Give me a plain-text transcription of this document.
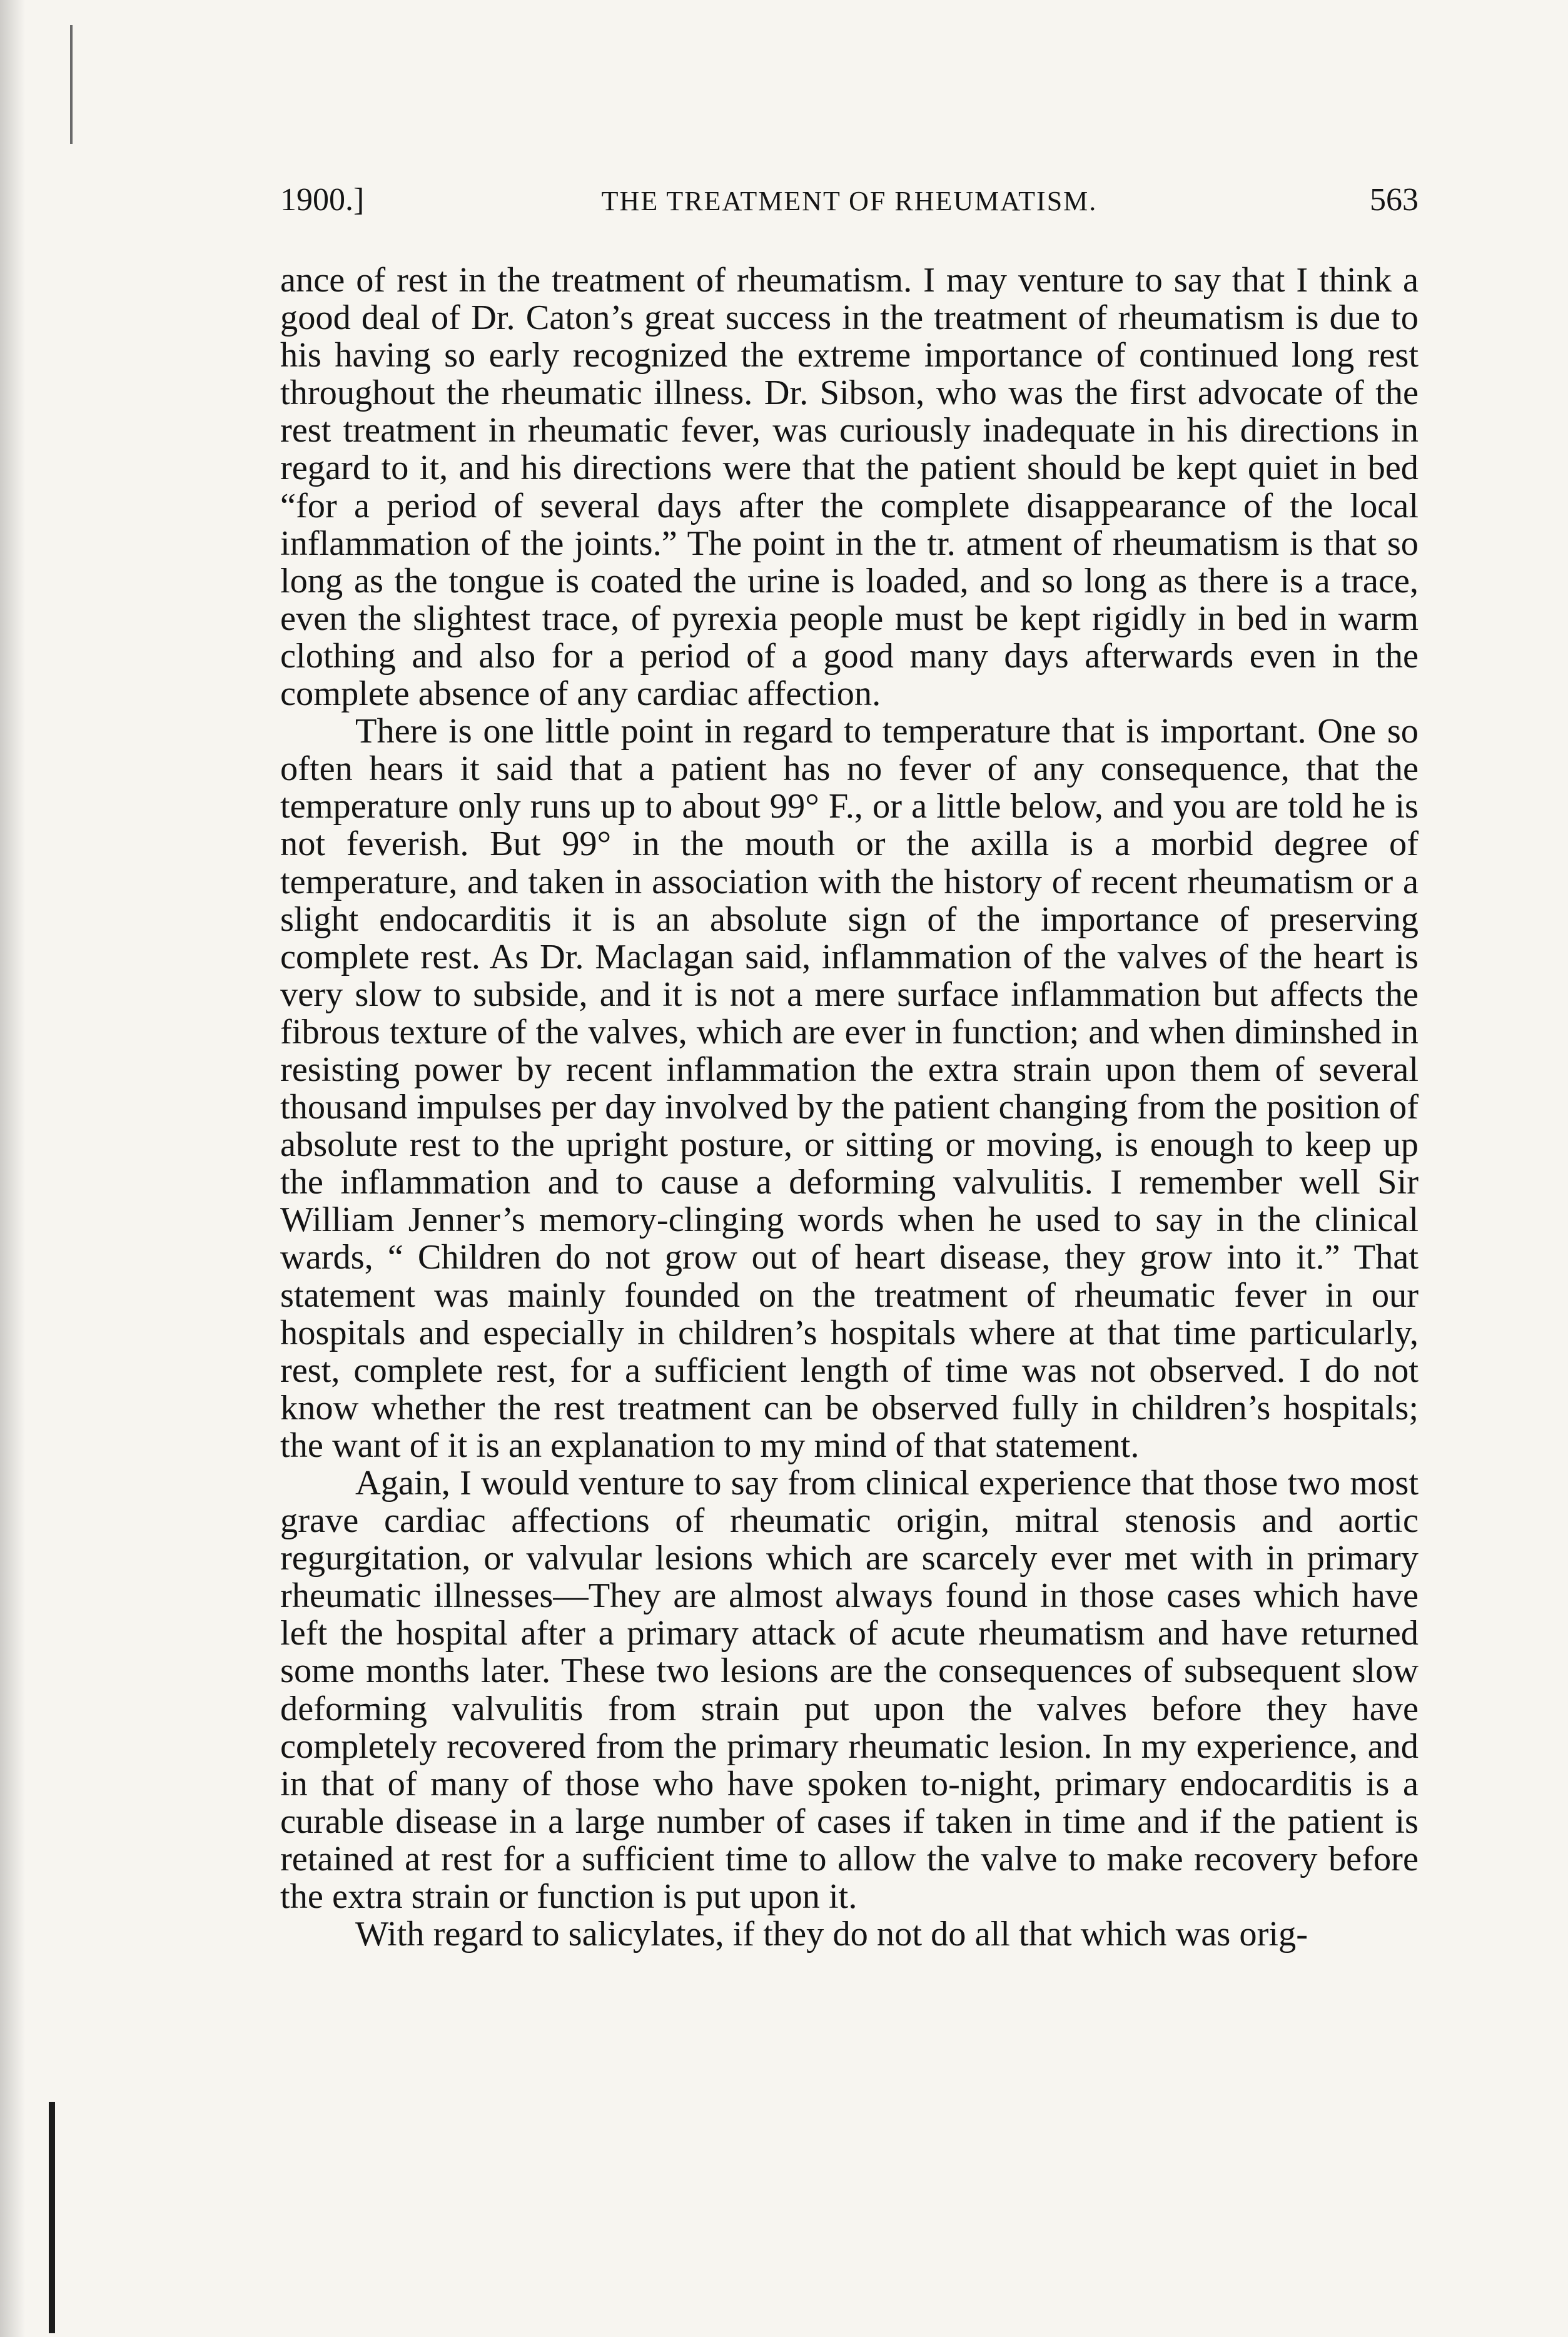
1900.]	THE TREATMENT OF RHEUMATISM.	563

ance of rest in the treatment of rheumatism. I may venture to say that I think a good deal of Dr. Caton’s great success in the treatment of rheumatism is due to his having so early recognized the extreme importance of continued long rest throughout the rheumatic illness. Dr. Sibson, who was the first advocate of the rest treatment in rheumatic fever, was curiously inadequate in his directions in regard to it, and his directions were that the patient should be kept quiet in bed “for a period of several days after the complete disappearance of the local inflammation of the joints.” The point in the tr. atment of rheumatism is that so long as the tongue is coated the urine is loaded, and so long as there is a trace, even the slightest trace, of pyrexia people must be kept rigidly in bed in warm clothing and also for a period of a good many days afterwards even in the complete absence of any cardiac affection.

There is one little point in regard to temperature that is important. One so often hears it said that a patient has no fever of any consequence, that the temperature only runs up to about 99° F., or a little below, and you are told he is not feverish. But 99° in the mouth or the axilla is a morbid degree of temperature, and taken in association with the history of recent rheumatism or a slight endocarditis it is an absolute sign of the importance of preserving complete rest. As Dr. Maclagan said, inflammation of the valves of the heart is very slow to subside, and it is not a mere surface inflammation but affects the fibrous texture of the valves, which are ever in function; and when diminshed in resisting power by recent inflammation the extra strain upon them of several thousand impulses per day involved by the patient changing from the position of absolute rest to the upright posture, or sitting or moving, is enough to keep up the inflammation and to cause a deforming valvulitis. I remember well Sir William Jenner’s memory-clinging words when he used to say in the clinical wards, “ Children do not grow out of heart disease, they grow into it.” That statement was mainly founded on the treatment of rheumatic fever in our hospitals and especially in children’s hospitals where at that time particularly, rest, complete rest, for a sufficient length of time was not observed. I do not know whether the rest treatment can be observed fully in children’s hospitals; the want of it is an explanation to my mind of that statement.

Again, I would venture to say from clinical experience that those two most grave cardiac affections of rheumatic origin, mitral stenosis and aortic regurgitation, or valvular lesions which are scarcely ever met with in primary rheumatic illnesses—They are almost always found in those cases which have left the hospital after a primary attack of acute rheumatism and have returned some months later. These two lesions are the consequences of subsequent slow deforming valvulitis from strain put upon the valves before they have completely recovered from the primary rheumatic lesion. In my experience, and in that of many of those who have spoken to-night, primary endocarditis is a curable disease in a large number of cases if taken in time and if the patient is retained at rest for a sufficient time to allow the valve to make recovery before the extra strain or function is put upon it.

With regard to salicylates, if they do not do all that which was orig-
